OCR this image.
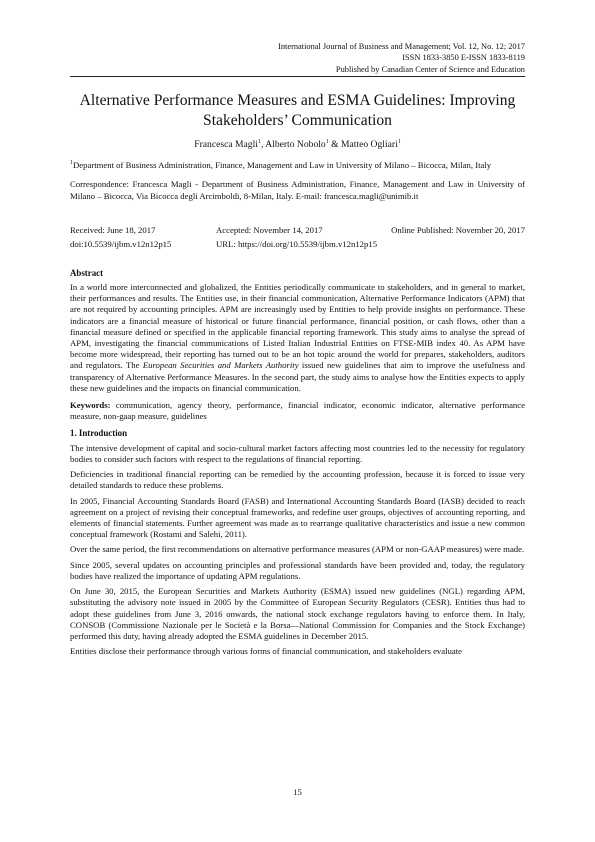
International Journal of Business and Management; Vol. 12, No. 12; 2017
ISSN 1833-3850 E-ISSN 1833-8119
Published by Canadian Center of Science and Education
Alternative Performance Measures and ESMA Guidelines: Improving
Stakeholders’ Communication
Francesca Magli$^1$, Alberto Nobolo$^1$ & Matteo Ogliari$^1$

$^1$Department of Business Administration, Finance, Management and Law in University of Milano – Bicocca, Milan, Italy

Correspondence: Francesca Magli - Department of Business Administration, Finance, Management and Law in University of Milano – Bicocca, Via Bicocca degli Arcimboldi, 8-Milan, Italy. E-mail: francesca.magli@unimib.it

Received: June 18, 2017	Accepted: November 14, 2017	Online Published: November 20, 2017
doi:10.5539/ijbm.v12n12p15	URL: https://doi.org/10.5539/ijbm.v12n12p15
Abstract

In a world more interconnected and globalized, the Entities periodically communicate to stakeholders, and in general to market, their performances and results. The Entities use, in their financial communication, Alternative Performance Indicators (APM) that are not required by accounting principles. APM are increasingly used by Entities to help provide insights on performance. These indicators are a financial measure of historical or future financial performance, financial position, or cash flows, other than a financial measure defined or specified in the applicable financial reporting framework. This study aims to analyse the spread of APM, investigating the financial communications of Listed Italian Industrial Entities on FTSE-MIB index 40. As APM have become more widespread, their reporting has turned out to be an hot topic around the world for prepares, stakeholders, auditors and regulators. The European Securities and Markets Authority issued new guidelines that aim to improve the usefulness and transparency of Alternative Performance Measures. In the second part, the study aims to analyse how the Entities expects to apply these new guidelines and the impacts on financial communication.

Keywords: communication, agency theory, performance, financial indicator, economic indicator, alternative performance measure, non-gaap measure, guidelines

1. Introduction

The intensive development of capital and socio-cultural market factors affecting most countries led to the necessity for regulatory bodies to consider such factors with respect to the regulations of financial reporting.

Deficiencies in traditional financial reporting can be remedied by the accounting profession, because it is forced to issue very detailed standards to reduce these problems.

In 2005, Financial Accounting Standards Board (FASB) and International Accounting Standards Board (IASB) decided to reach agreement on a project of revising their conceptual frameworks, and redefine user groups, objectives of accounting reporting, and elements of financial statements. Further agreement was made as to rearrange qualitative characteristics and issue a new common conceptual framework (Rostami and Salehi, 2011).

Over the same period, the first recommendations on alternative performance measures (APM or non-GAAP measures) were made.

Since 2005, several updates on accounting principles and professional standards have been provided and, today, the regulatory bodies have realized the importance of updating APM regulations.

On June 30, 2015, the European Securities and Markets Authority (ESMA) issued new guidelines (NGL) regarding APM, substituting the advisory note issued in 2005 by the Committee of European Security Regulators (CESR). Entities thus had to adopt these guidelines from June 3, 2016 onwards, the national stock exchange regulators having to enforce them. In Italy, CONSOB (Commissione Nazionale per le Società e la Borsa—National Commission for Companies and the Stock Exchange) performed this duty, having already adopted the ESMA guidelines in December 2015.

Entities disclose their performance through various forms of financial communication, and stakeholders evaluate

15
